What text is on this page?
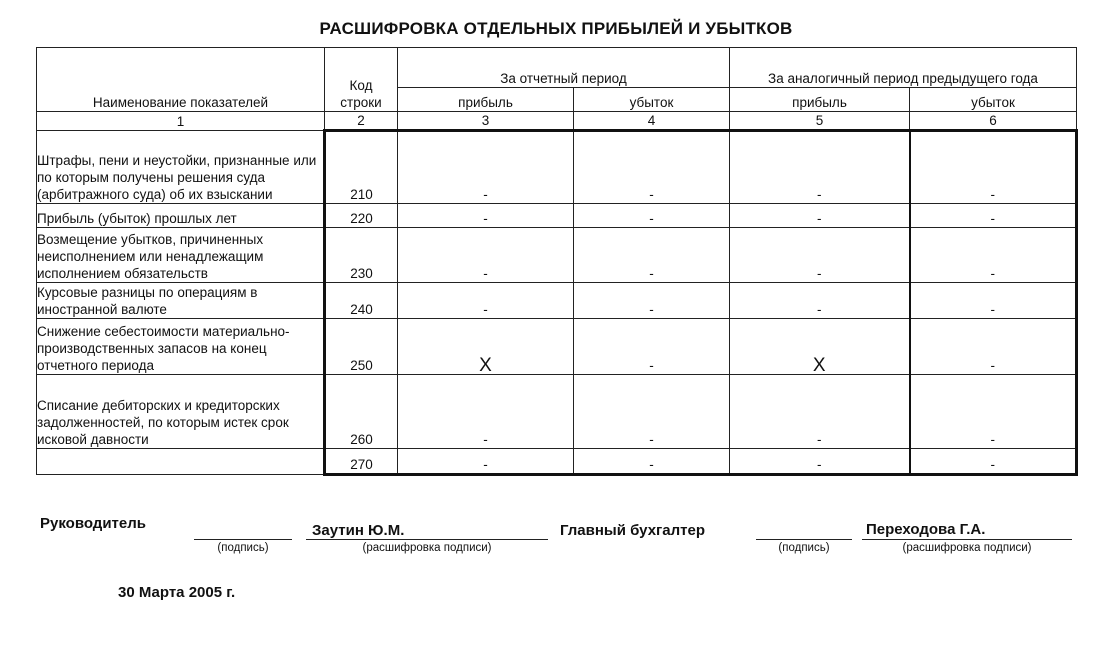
РАСШИФРОВКА ОТДЕЛЬНЫХ ПРИБЫЛЕЙ И УБЫТКОВ
Наименование показателей	Код строки	За отчетный период		За аналогичный период предыдущего года	
		прибыль	убыток	прибыль	убыток
1	2	3	4	5	6
Штрафы, пени и неустойки, признанные или по которым получены решения суда (арбитражного суда) об их взыскании	210	-	-	-	-
Прибыль (убыток) прошлых лет	220	-	-	-	-
Возмещение убытков, причиненных неисполнением или ненадлежащим исполнением обязательств	230	-	-	-	-
Курсовые разницы по операциям в иностранной валюте	240	-	-	-	-
Снижение себестоимости материально-производственных запасов на конец отчетного периода	250	X	-	X	-
Списание дебиторских и кредиторских задолженностей, по которым истек срок исковой давности	260	-	-	-	-
	270	-	-	-	-
Руководитель
(подпись)
Заутин Ю.М.
(расшифровка подписи)
Главный бухгалтер
(подпись)
Переходова Г.А.
(расшифровка подписи)
30 Марта 2005 г.
